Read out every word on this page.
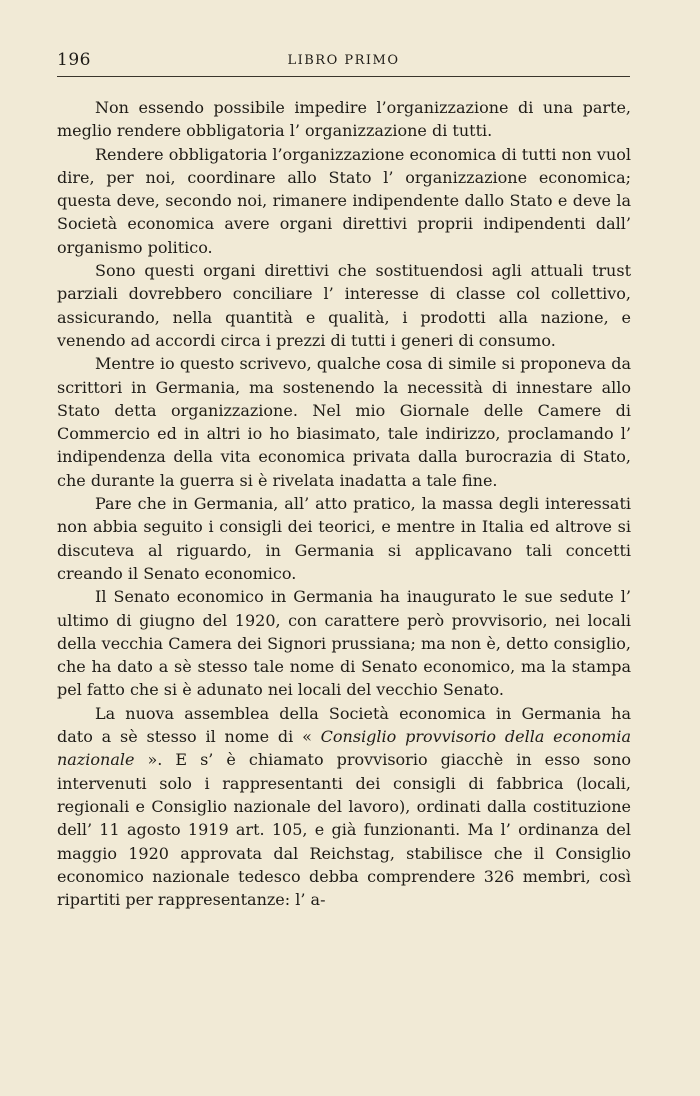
196	LIBRO PRIMO

Non essendo possibile impedire l’organizzazione di una parte, meglio rendere obbligatoria l’ organizzazione di tutti.

Rendere obbligatoria l’organizzazione economica di tutti non vuol dire, per noi, coordinare allo Stato l’ organizzazione economica; questa deve, secondo noi, rimanere indipendente dallo Stato e deve la Società economica avere organi direttivi proprii indipendenti dall’ organismo politico.

Sono questi organi direttivi che sostituendosi agli attuali trust parziali dovrebbero conciliare l’ interesse di classe col collettivo, assicurando, nella quantità e qualità, i prodotti alla nazione, e venendo ad accordi circa i prezzi di tutti i generi di consumo.

Mentre io questo scrivevo, qualche cosa di simile si proponeva da scrittori in Germania, ma sostenendo la necessità di innestare allo Stato detta organizzazione. Nel mio Giornale delle Camere di Commercio ed in altri io ho biasimato, tale indirizzo, proclamando l’ indipendenza della vita economica privata dalla burocrazia di Stato, che durante la guerra si è rivelata inadatta a tale fine.

Pare che in Germania, all’ atto pratico, la massa degli interessati non abbia seguito i consigli dei teorici, e mentre in Italia ed altrove si discuteva al riguardo, in Germania si applicavano tali concetti creando il Senato economico.

Il Senato economico in Germania ha inaugurato le sue sedute l’ ultimo di giugno del 1920, con carattere però provvisorio, nei locali della vecchia Camera dei Signori prussiana; ma non è, detto consiglio, che ha dato a sè stesso tale nome di Senato economico, ma la stampa pel fatto che si è adunato nei locali del vecchio Senato.

La nuova assemblea della Società economica in Germania ha dato a sè stesso il nome di « Consiglio provvisorio della economia nazionale ». E s’ è chiamato provvisorio giacchè in esso sono intervenuti solo i rappresentanti dei consigli di fabbrica (locali, regionali e Consiglio nazionale del lavoro), ordinati dalla costituzione dell’ 11 agosto 1919 art. 105, e già funzionanti. Ma l’ ordinanza del maggio 1920 approvata dal Reichstag, stabilisce che il Consiglio economico nazionale tedesco debba comprendere 326 membri, così ripartiti per rappresentanze: l’ a-
